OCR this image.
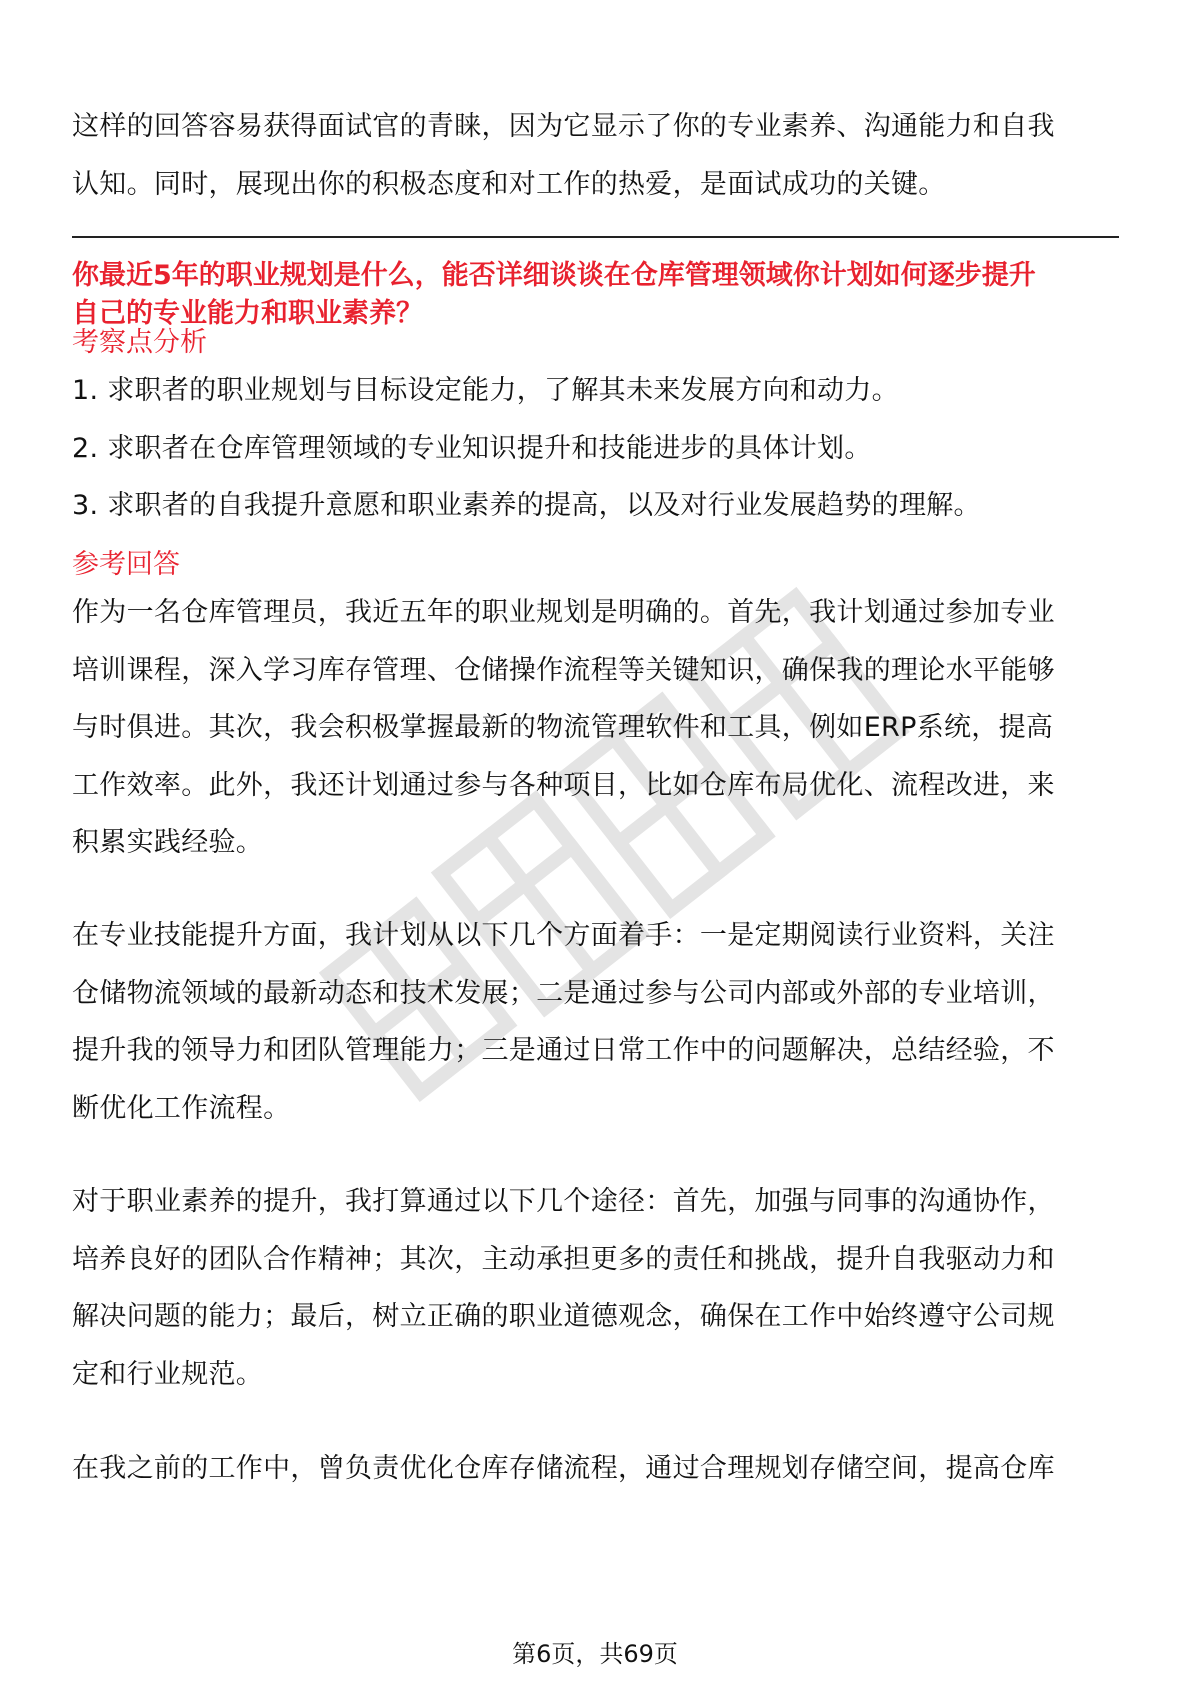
这样的回答容易获得面试官的青睐，因为它显示了你的专业素养、沟通能力和自我

认知。同时，展现出你的积极态度和对工作的热爱，是面试成功的关键。

你最近5年的职业规划是什么，能否详细谈谈在仓库管理领域你计划如何逐步提升
自己的专业能力和职业素养？
考察点分析
1. 求职者的职业规划与目标设定能力，了解其未来发展方向和动力。
2. 求职者在仓库管理领域的专业知识提升和技能进步的具体计划。
3. 求职者的自我提升意愿和职业素养的提高，以及对行业发展趋势的理解。
参考回答

作为一名仓库管理员，我近五年的职业规划是明确的。首先，我计划通过参加专业

培训课程，深入学习库存管理、仓储操作流程等关键知识，确保我的理论水平能够

与时俱进。其次，我会积极掌握最新的物流管理软件和工具，例如ERP系统，提高

工作效率。此外，我还计划通过参与各种项目，比如仓库布局优化、流程改进，来

积累实践经验。

在专业技能提升方面，我计划从以下几个方面着手：一是定期阅读行业资料，关注

仓储物流领域的最新动态和技术发展；二是通过参与公司内部或外部的专业培训，

提升我的领导力和团队管理能力；三是通过日常工作中的问题解决，总结经验，不

断优化工作流程。

对于职业素养的提升，我打算通过以下几个途径：首先，加强与同事的沟通协作，

培养良好的团队合作精神；其次，主动承担更多的责任和挑战，提升自我驱动力和

解决问题的能力；最后，树立正确的职业道德观念，确保在工作中始终遵守公司规

定和行业规范。

在我之前的工作中，曾负责优化仓库存储流程，通过合理规划存储空间，提高仓库

第6页，共69页
